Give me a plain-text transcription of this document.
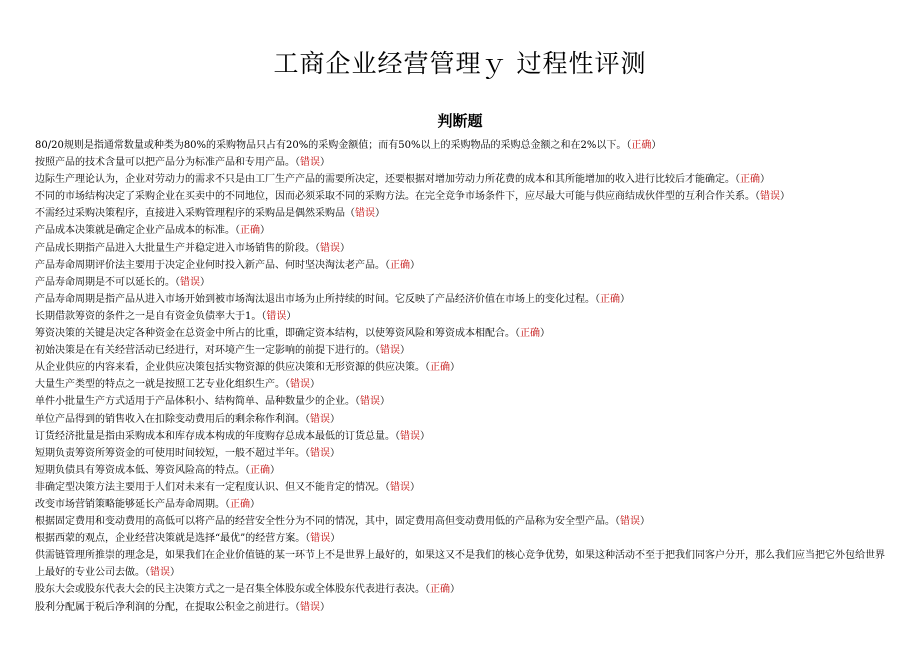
工商企业经营管理ｙ 过程性评测
判断题
80/20规则是指通常数量或种类为80%的采购物品只占有20%的采购金额值；而有50%以上的采购物品的采购总金额之和在2%以下。 （ 正确 ）
按照产品的技术含量可以把产品分为标准产品和专用产品。 （ 错误 ）
边际生产理论认为，企业对劳动力的需求不只是由工厂生产产品的需要所决定，还要根据对增加劳动力所花费的成本和其所能增加的收入进行比较后才能确定。 （ 正确 ）
不同的市场结构决定了采购企业在买卖中的不同地位，因而必须采取不同的采购方法。在完全竞争市场条件下，应尽最大可能与供应商结成伙伴型的互利合作关系。 （ 错误 ）
不需经过采购决策程序，直接进入采购管理程序的采购品是偶然采购品 （ 错误 ）
产品成本决策就是确定企业产品成本的标准。 （ 正确 ）
产品成长期指产品进入大批量生产并稳定进入市场销售的阶段。 （ 错误 ）
产品寿命周期评价法主要用于决定企业何时投入新产品、何时坚决淘汰老产品。 （ 正确 ）
产品寿命周期是不可以延长的。 （ 错误 ）
产品寿命周期是指产品从进入市场开始到被市场淘汰退出市场为止所持续的时间。它反映了产品经济价值在市场上的变化过程。 （ 正确 ）
长期借款筹资的条件之一是自有资金负债率大于1。 （ 错误 ）
筹资决策的关键是决定各种资金在总资金中所占的比重，即确定资本结构，以使筹资风险和筹资成本相配合。 （ 正确 ）
初始决策是在有关经营活动已经进行，对环境产生一定影响的前提下进行的。 （ 错误 ）
从企业供应的内容来看，企业供应决策包括实物资源的供应决策和无形资源的供应决策。 （ 正确 ）
大量生产类型的特点之一就是按照工艺专业化组织生产。 （ 错误 ）
单件小批量生产方式适用于产品体积小、结构简单、品种数量少的企业。 （ 错误 ）
单位产品得到的销售收入在扣除变动费用后的剩余称作利润。 （ 错误 ）
订货经济批量是指由采购成本和库存成本构成的年度购存总成本最低的订货总量。 （ 错误 ）
短期负责筹资所筹资金的可使用时间较短，一般不超过半年。 （ 错误 ）
短期负债具有筹资成本低、筹资风险高的特点。 （ 正确 ）
非确定型决策方法主要用于人们对未来有一定程度认识、但又不能肯定的情况。 （ 错误 ）
改变市场营销策略能够延长产品寿命周期。 （ 正确 ）
根据固定费用和变动费用的高低可以将产品的经营安全性分为不同的情况，其中，固定费用高但变动费用低的产品称为安全型产品。 （ 错误 ）
根据西蒙的观点，企业经营决策就是选择“最优”的经营方案。 （ 错误 ）
供需链管理所推崇的理念是，如果我们在企业价值链的某一环节上不是世界上最好的，如果这又不是我们的核心竞争优势，如果这种活动不至于把我们同客户分开，那么我们应当把它外包给世界上最好的专业公司去做。 （ 错误 ）
股东大会或股东代表大会的民主决策方式之一是召集全体股东或全体股东代表进行表决。 （ 正确 ）
股利分配属于税后净利润的分配，在提取公积金之前进行。 （ 错误 ）
